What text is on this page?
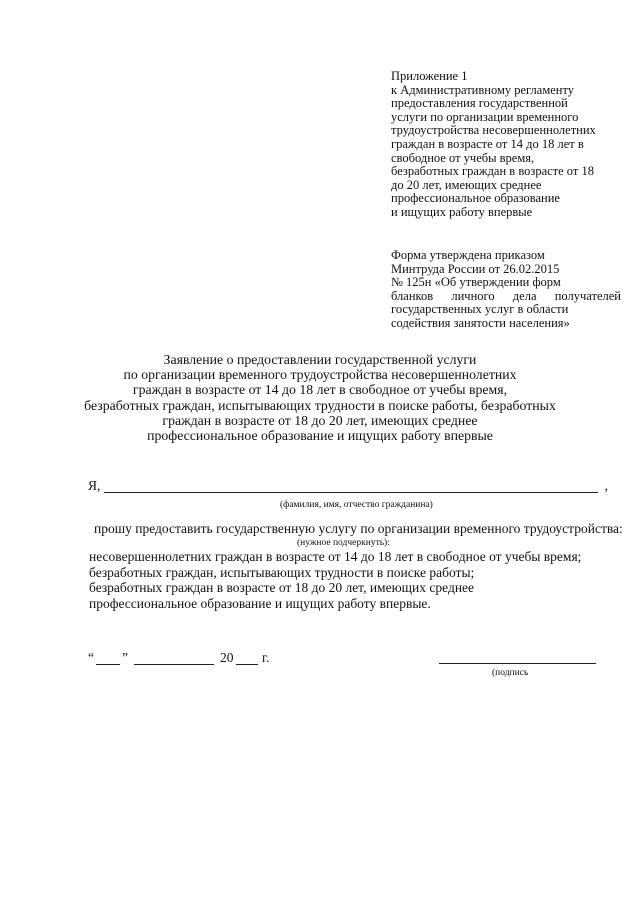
Приложение 1
к Административному регламенту
предоставления государственной
услуги по организации временного
трудоустройства несовершеннолетних
граждан в возрасте от 14 до 18 лет в
свободное от учебы время,
безработных граждан в возрасте от 18
до 20 лет, имеющих среднее
профессиональное образование
и ищущих работу впервые
Форма утверждена приказом
Минтруда России от 26.02.2015
№ 125н «Об утверждении форм
бланков личного дела получателей
государственных услуг в области
содействия занятости населения»
Заявление о предоставлении государственной услуги
по организации временного трудоустройства несовершеннолетних
граждан в возрасте от 14 до 18 лет в свободное от учебы время,
безработных граждан, испытывающих трудности в поиске работы, безработных
граждан в возрасте от 18 до 20 лет, имеющих среднее
профессиональное образование и ищущих работу впервые
Я,	,
(фамилия, имя, отчество гражданина)
прошу предоставить государственную услугу по организации временного трудоустройства:
(нужное подчеркнуть):
несовершеннолетних граждан в возрасте от 14 до 18 лет в свободное от учебы время;
безработных граждан, испытывающих трудности в поиске работы;
безработных граждан в возрасте от 18 до 20 лет, имеющих среднее
профессиональное образование и ищущих работу впервые.
“ ”	20 г.
(подпись
